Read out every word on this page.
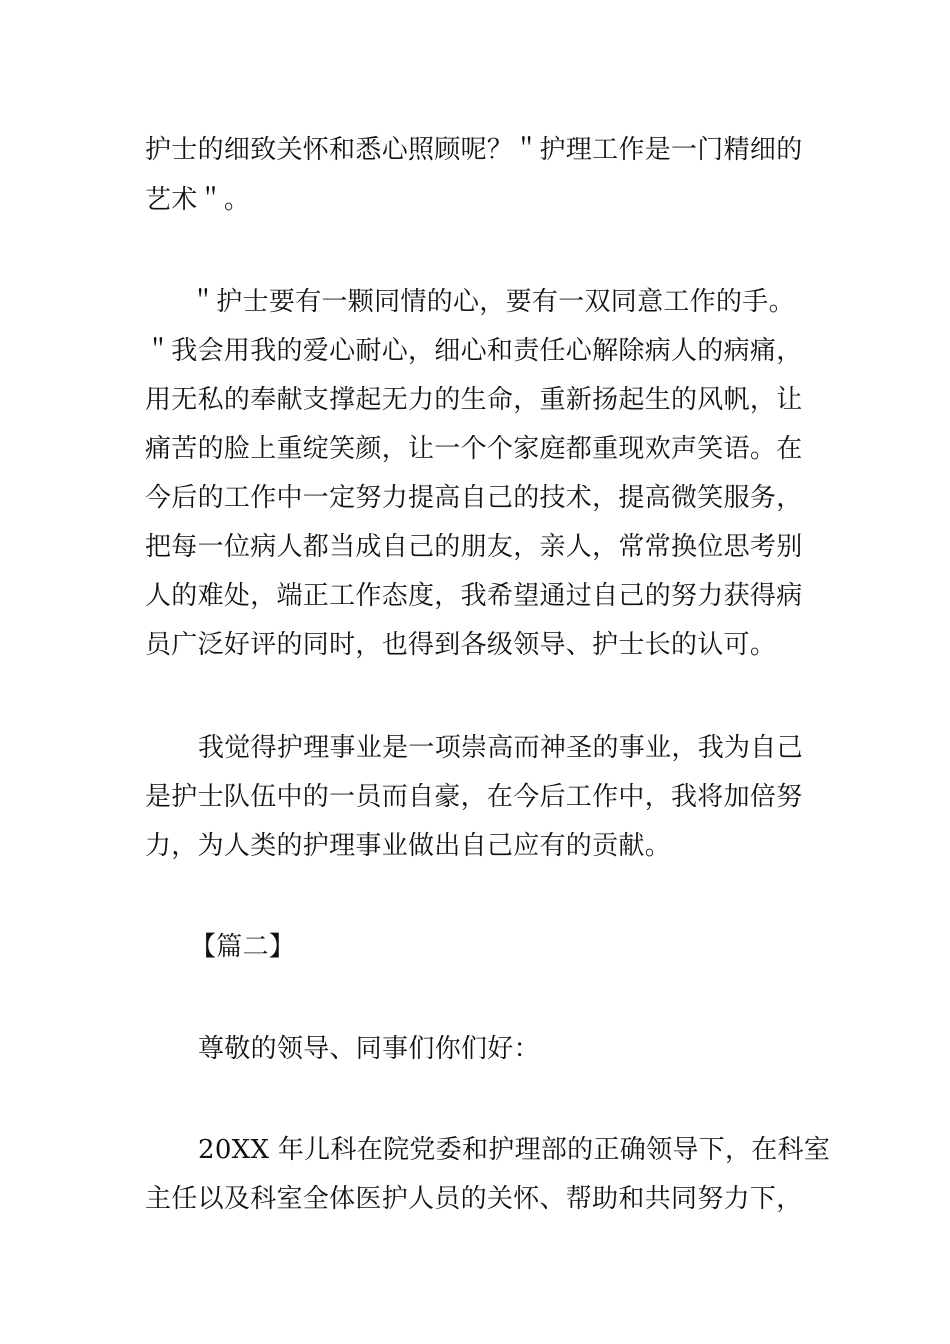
护士的细致关怀和悉心照顾呢？＂护理工作是一门精细的
艺术＂。
＂护士要有一颗同情的心，要有一双同意工作的手。
＂我会用我的爱心耐心，细心和责任心解除病人的病痛，
用无私的奉献支撑起无力的生命，重新扬起生的风帆，让
痛苦的脸上重绽笑颜，让一个个家庭都重现欢声笑语。在
今后的工作中一定努力提高自己的技术，提高微笑服务，
把每一位病人都当成自己的朋友，亲人，常常换位思考别
人的难处，端正工作态度，我希望通过自己的努力获得病
员广泛好评的同时，也得到各级领导、护士长的认可。
我觉得护理事业是一项崇高而神圣的事业，我为自己
是护士队伍中的一员而自豪，在今后工作中，我将加倍努
力，为人类的护理事业做出自己应有的贡献。
【篇二】
尊敬的领导、同事们你们好：
20XX 年儿科在院党委和护理部的正确领导下，在科室
主任以及科室全体医护人员的关怀、帮助和共同努力下，
